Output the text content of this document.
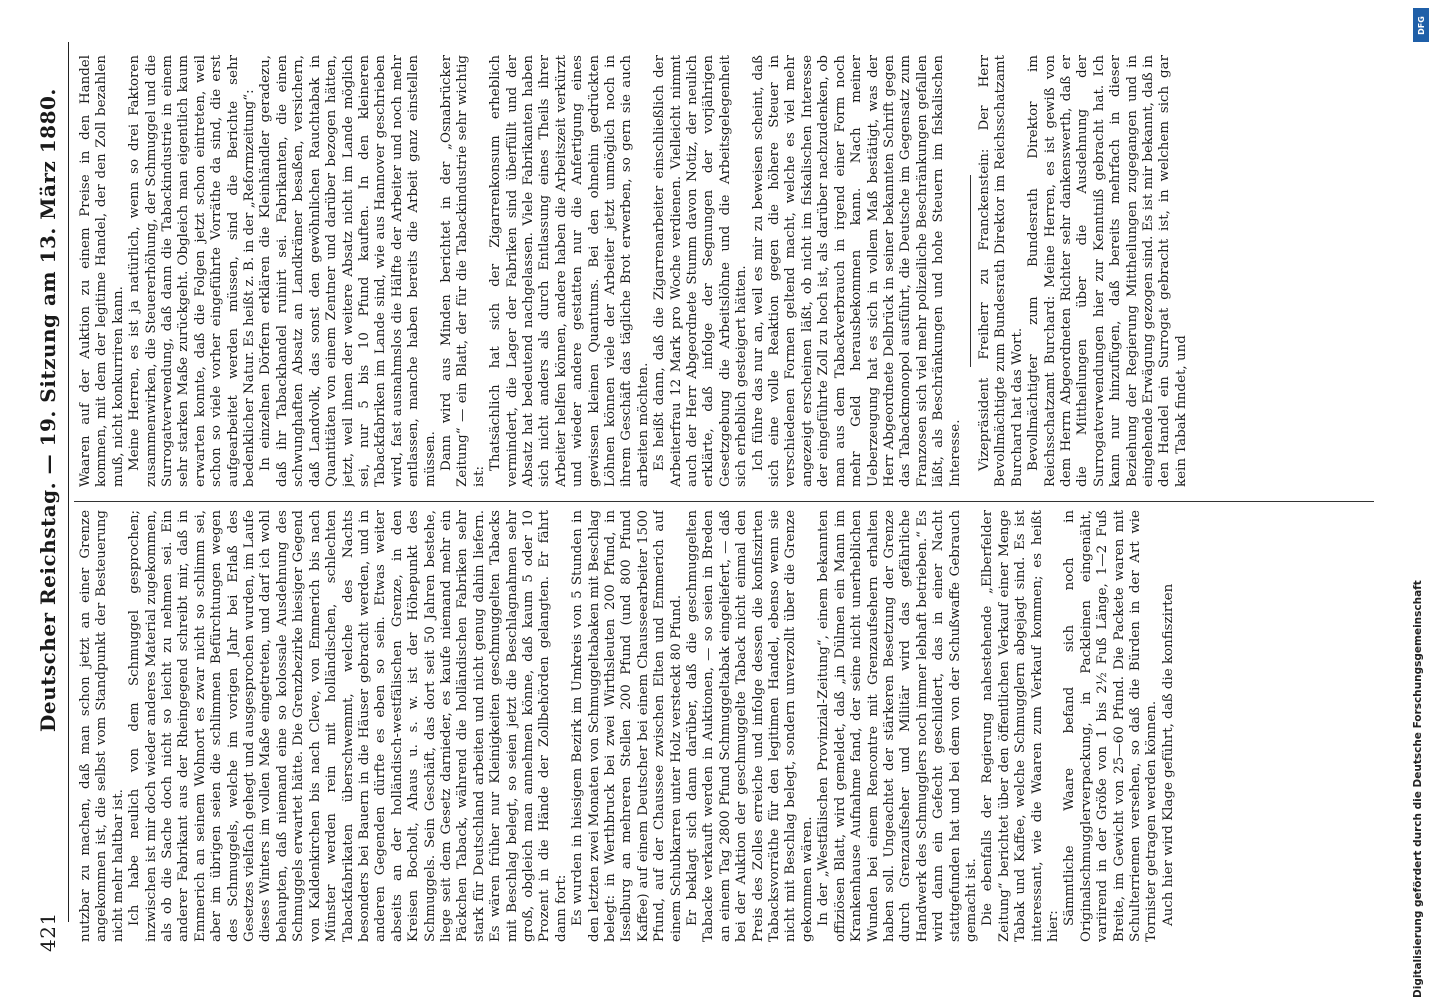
421
Deutscher Reichstag. — 19. Sitzung am 13. März 1880. nutzbar zu machen, daß man schon jetzt an einer Grenze angekommen ist, die selbst vom Standpunkt der Besteuerung nicht mehr haltbar ist. Ich habe neulich von dem Schmuggel gesprochen; inzwischen ist mir doch wieder anderes Material zugekommen, als ob die Sache doch nicht so leicht zu nehmen sei. Ein anderer Fabrikant aus der Rheingegend schreibt mir, daß in Emmerich an seinem Wohnort es zwar nicht so schlimm sei, aber im übrigen seien die schlimmen Befürchtungen wegen des Schmuggels, welche im vorigen Jahr bei Erlaß des Gesetzes vielfach gehegt und ausgesprochen wurden, im Laufe dieses Winters im vollen Maße eingetreten, und darf ich wohl behaupten, daß niemand eine so kolossale Ausdehnung des Schmuggels erwartet hätte. Die Grenzbezirke hiesiger Gegend von Kaldenkirchen bis nach Cleve, von Emmerich bis nach Münster werden rein mit holländischen, schlechten Tabackfabrikaten überschwemmt, welche des Nachts besonders bei Bauern in die Häuser gebracht werden, und in anderen Gegenden dürfte es eben so sein. Etwas weiter abseits an der holländisch-westfälischen Grenze, in den Kreisen Bocholt, Ahaus u. s. w. ist der Höhepunkt des Schmuggels. Sein Geschäft, das dort seit 50 Jahren bestehe, liege seit dem Gesetz darnieder, es kaufe niemand mehr ein Päckchen Taback, während die holländischen Fabriken sehr stark für Deutschland arbeiten und nicht genug dahin liefern. Es wären früher nur Kleinigkeiten geschmuggelten Tabacks mit Beschlag belegt, so seien jetzt die Beschlagnahmen sehr groß, obgleich man annehmen könne, daß kaum 5 oder 10 Prozent in die Hände der Zollbehörden gelangten. Er fährt dann fort: Es wurden in hiesigem Bezirk im Umkreis von 5 Stunden in den letzten zwei Monaten von Schmuggeltabaken mit Beschlag belegt: in Werthbruck bei zwei Wirthsleuten 200 Pfund, in Isselburg an mehreren Stellen 200 Pfund (und 800 Pfund Kaffee) auf einem Deutscher bei einem Chausseearbeiter 1500 Pfund, auf der Chaussee zwischen Elten und Emmerich auf einem Schubkarren unter Holz versteckt 80 Pfund. Er beklagt sich dann darüber, daß die geschmuggelten Tabacke verkauft werden in Auktionen, — so seien in Breden an einem Tag 2800 Pfund Schmuggeltabak eingeliefert, — daß bei der Auktion der geschmuggelte Taback nicht einmal den Preis des Zolles erreiche und infolge dessen die konfiszirten Tabacksvorräthe für den legitimen Handel, ebenso wenn sie nicht mit Beschlag belegt, sondern unverzollt über die Grenze gekommen wären. In der „Westfälischen Provinzial-Zeitung“, einem bekannten offiziösen Blatt, wird gemeldet, daß „in Dülmen ein Mann im Krankenhause Aufnahme fand, der seine nicht unerheblichen Wunden bei einem Rencontre mit Grenzaufsehern erhalten haben soll. Ungeachtet der stärkeren Besetzung der Grenze durch Grenzaufseher und Militär wird das gefährliche Handwerk des Schmugglers noch immer lebhaft betrieben.“ Es wird dann ein Gefecht geschildert, das in einer Nacht stattgefunden hat und bei dem von der Schußwaffe Gebrauch gemacht ist. Die ebenfalls der Regierung nahestehende „Elberfelder Zeitung“ berichtet über den öffentlichen Verkauf einer Menge Tabak und Kaffee, welche Schmugglern abgejagt sind. Es ist interessant, wie die Waaren zum Verkauf kommen; es heißt hier:

Sämmtliche Waare befand sich noch in Originalschmugglerverpackung, in Packleinen eingenäht, variirend in der Größe von 1 bis 2½ Fuß Länge, 1—2 Fuß Breite, im Gewicht von 25—60 Pfund. Die Packete waren mit Schulterriemen versehen, so daß die Bürden in der Art wie Tornister getragen werden können. Auch hier wird Klage geführt, daß die konfiszirten

Waaren auf der Auktion zu einem Preise in den Handel kommen, mit dem der legitime Handel, der den Zoll bezahlen muß, nicht konkurriren kann. Meine Herren, es ist ja natürlich, wenn so drei Faktoren zusammenwirken, die Steuererhöhung, der Schmuggel und die Surrogatverwendung, daß dann die Tabackindustrie in einem sehr starken Maße zurückgeht. Obgleich man eigentlich kaum erwarten konnte, daß die Folgen jetzt schon eintreten, weil schon so viele vorher eingeführte Vorräthe da sind, die erst aufgearbeitet werden müssen, sind die Berichte sehr bedenklicher Natur. Es heißt z. B. in der „Reformzeitung“: In einzelnen Dörfern erklären die Kleinhändler geradezu, daß ihr Tabackhandel ruinirt sei. Fabrikanten, die einen schwunghaften Absatz an Landkrämer besaßen, versichern, daß Landvolk, das sonst den gewöhnlichen Rauchtabak in Quantitäten von einem Zentner und darüber bezogen hätten, jetzt, weil ihnen der weitere Absatz nicht im Lande möglich sei, nur 5 bis 10 Pfund kauften. In den kleineren Tabackfabriken im Lande sind, wie aus Hannover geschrieben wird, fast ausnahmslos die Hälfte der Arbeiter und noch mehr entlassen, manche haben bereits die Arbeit ganz einstellen müssen. Dann wird aus Minden berichtet in der „Osnabrücker Zeitung“ — ein Blatt, der für die Tabackindustrie sehr wichtig ist:

Thatsächlich hat sich der Zigarrenkonsum erheblich vermindert, die Lager der Fabriken sind überfüllt und der Absatz hat bedeutend nachgelassen. Viele Fabrikanten haben sich nicht anders als durch Entlassung eines Theils ihrer Arbeiter helfen können, andere haben die Arbeitszeit verkürzt und wieder andere gestatten nur die Anfertigung eines gewissen kleinen Quantums. Bei den ohnehin gedrückten Löhnen können viele der Arbeiter jetzt unmöglich noch in ihrem Geschäft das tägliche Brot erwerben, so gern sie auch arbeiten möchten. Es heißt dann, daß die Zigarrenarbeiter einschließlich der Arbeiterfrau 12 Mark pro Woche verdienen. Vielleicht nimmt auch der Herr Abgeordnete Stumm davon Notiz, der neulich erklärte, daß infolge der Segnungen der vorjährigen Gesetzgebung die Arbeitslöhne und die Arbeitsgelegenheit sich erheblich gesteigert hätten. Ich führe das nur an, weil es mir zu beweisen scheint, daß sich eine volle Reaktion gegen die höhere Steuer in verschiedenen Formen geltend macht, welche es viel mehr angezeigt erscheinen läßt, ob nicht im fiskalischen Interesse der eingeführte Zoll zu hoch ist, als darüber nachzudenken, ob man aus dem Tabackverbrauch in irgend einer Form noch mehr Geld herausbekommen kann. Nach meiner Ueberzeugung hat es sich in vollem Maß bestätigt, was der Herr Abgeordnete Delbrück in seiner bekannten Schrift gegen das Tabackmonopol ausführt, die Deutsche im Gegensatz zum Franzosen sich viel mehr polizeiliche Beschränkungen gefallen läßt, als Beschränkungen und hohe Steuern im fiskalischen Interesse. Vizepräsident Freiherr zu Franckenstein: Der Herr Bevollmächtigte zum Bundesrath Direktor im Reichsschatzamt Burchard hat das Wort. Bevollmächtigter zum Bundesrath Direktor im Reichsschatzamt Burchard: Meine Herren, es ist gewiß von dem Herrn Abgeordneten Richter sehr dankenswerth, daß er die Mittheilungen über die Ausdehnung der Surrogatverwendungen hier zur Kenntniß gebracht hat. Ich kann nur hinzufügen, daß bereits mehrfach in dieser Beziehung der Regierung Mittheilungen zugegangen und in eingehende Erwägung gezogen sind. Es ist mir bekannt, daß in den Handel ein Surrogat gebracht ist, in welchem sich gar kein Tabak findet, und

Digitalisierung gefördert durch die Deutsche Forschungsgemeinschaft
DFG
